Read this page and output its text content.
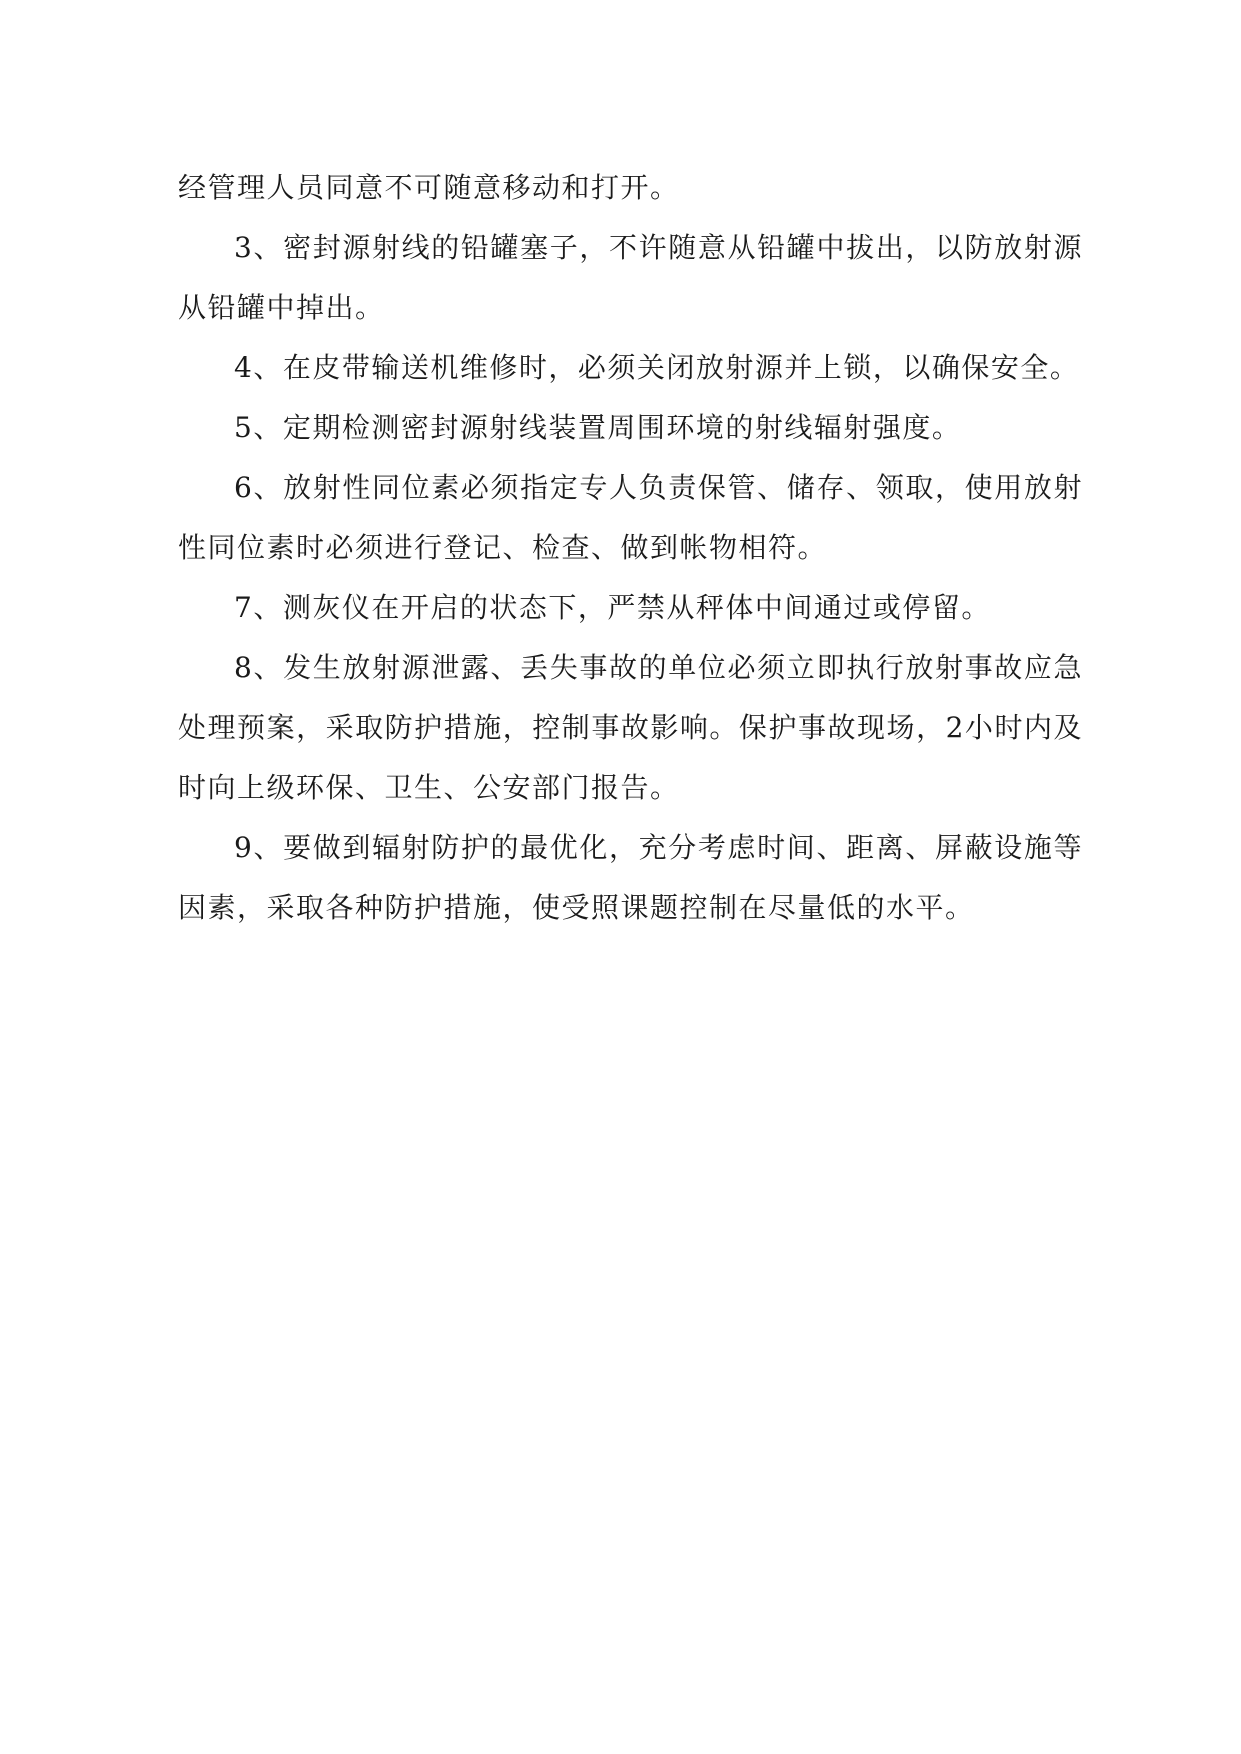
经管理人员同意不可随意移动和打开。

3、密封源射线的铅罐塞子，不许随意从铅罐中拔出，以防放射源从铅罐中掉出。

4、在皮带输送机维修时，必须关闭放射源并上锁，以确保安全。

5、定期检测密封源射线装置周围环境的射线辐射强度。

6、放射性同位素必须指定专人负责保管、储存、领取，使用放射性同位素时必须进行登记、检查、做到帐物相符。

7、测灰仪在开启的状态下，严禁从秤体中间通过或停留。

8、发生放射源泄露、丢失事故的单位必须立即执行放射事故应急处理预案，采取防护措施，控制事故影响。保护事故现场，2小时内及时向上级环保、卫生、公安部门报告。

9、要做到辐射防护的最优化，充分考虑时间、距离、屏蔽设施等因素，采取各种防护措施，使受照课题控制在尽量低的水平。
